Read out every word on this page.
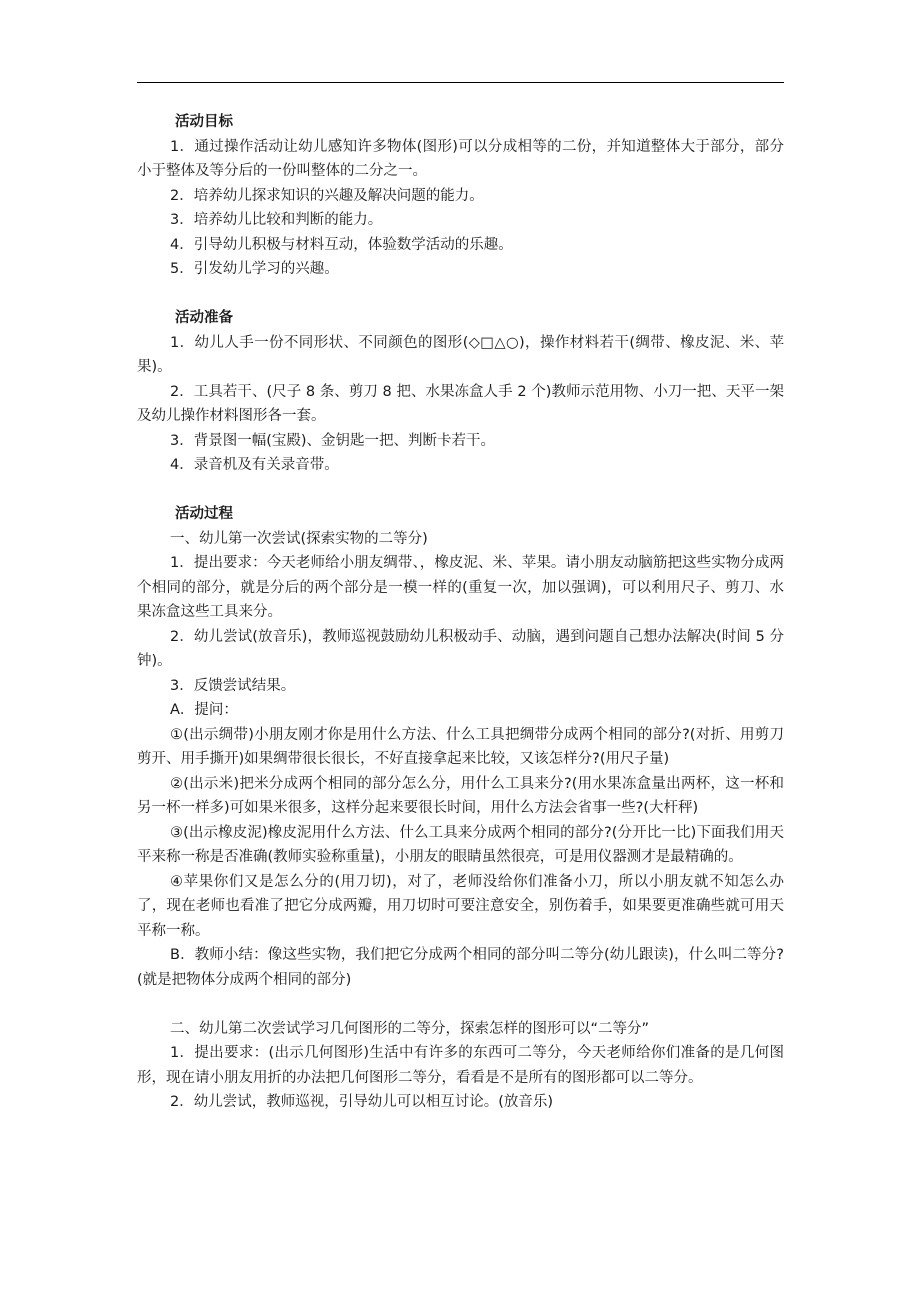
活动目标

1．通过操作活动让幼儿感知许多物体(图形)可以分成相等的二份，并知道整体大于部分，部分小于整体及等分后的一份叫整体的二分之一。

2．培养幼儿探求知识的兴趣及解决问题的能力。

3．培养幼儿比较和判断的能力。

4．引导幼儿积极与材料互动，体验数学活动的乐趣。

5．引发幼儿学习的兴趣。

活动准备

1．幼儿人手一份不同形状、不同颜色的图形(◇□△○)，操作材料若干(绸带、橡皮泥、米、苹果)。

2．工具若干、(尺子 8 条、剪刀 8 把、水果冻盒人手 2 个)教师示范用物、小刀一把、天平一架及幼儿操作材料图形各一套。

3．背景图一幅(宝殿)、金钥匙一把、判断卡若干。

4．录音机及有关录音带。

活动过程

一、幼儿第一次尝试(探索实物的二等分)

1．提出要求：今天老师给小朋友绸带、，橡皮泥、米、苹果。请小朋友动脑筋把这些实物分成两个相同的部分，就是分后的两个部分是一模一样的(重复一次，加以强调)，可以利用尺子、剪刀、水果冻盒这些工具来分。

2．幼儿尝试(放音乐)，教师巡视鼓励幼儿积极动手、动脑，遇到问题自己想办法解决(时间 5 分钟)。

3．反馈尝试结果。

A．提问：

①(出示绸带)小朋友刚才你是用什么方法、什么工具把绸带分成两个相同的部分?(对折、用剪刀剪开、用手撕开)如果绸带很长很长，不好直接拿起来比较，又该怎样分?(用尺子量)

②(出示米)把米分成两个相同的部分怎么分，用什么工具来分?(用水果冻盒量出两杯，这一杯和另一杯一样多)可如果米很多，这样分起来要很长时间，用什么方法会省事一些?(大杆秤)

③(出示橡皮泥)橡皮泥用什么方法、什么工具来分成两个相同的部分?(分开比一比)下面我们用天平来称一称是否准确(教师实验称重量)，小朋友的眼睛虽然很亮，可是用仪器测才是最精确的。

④苹果你们又是怎么分的(用刀切)，对了，老师没给你们准备小刀，所以小朋友就不知怎么办了，现在老师也看准了把它分成两瓣，用刀切时可要注意安全，别伤着手，如果要更准确些就可用天平称一称。

B．教师小结：像这些实物，我们把它分成两个相同的部分叫二等分(幼儿跟读)，什么叫二等分?(就是把物体分成两个相同的部分)

二、幼儿第二次尝试学习几何图形的二等分，探索怎样的图形可以“二等分”

1．提出要求：(出示几何图形)生活中有许多的东西可二等分，今天老师给你们准备的是几何图形，现在请小朋友用折的办法把几何图形二等分，看看是不是所有的图形都可以二等分。

2．幼儿尝试，教师巡视，引导幼儿可以相互讨论。(放音乐)
